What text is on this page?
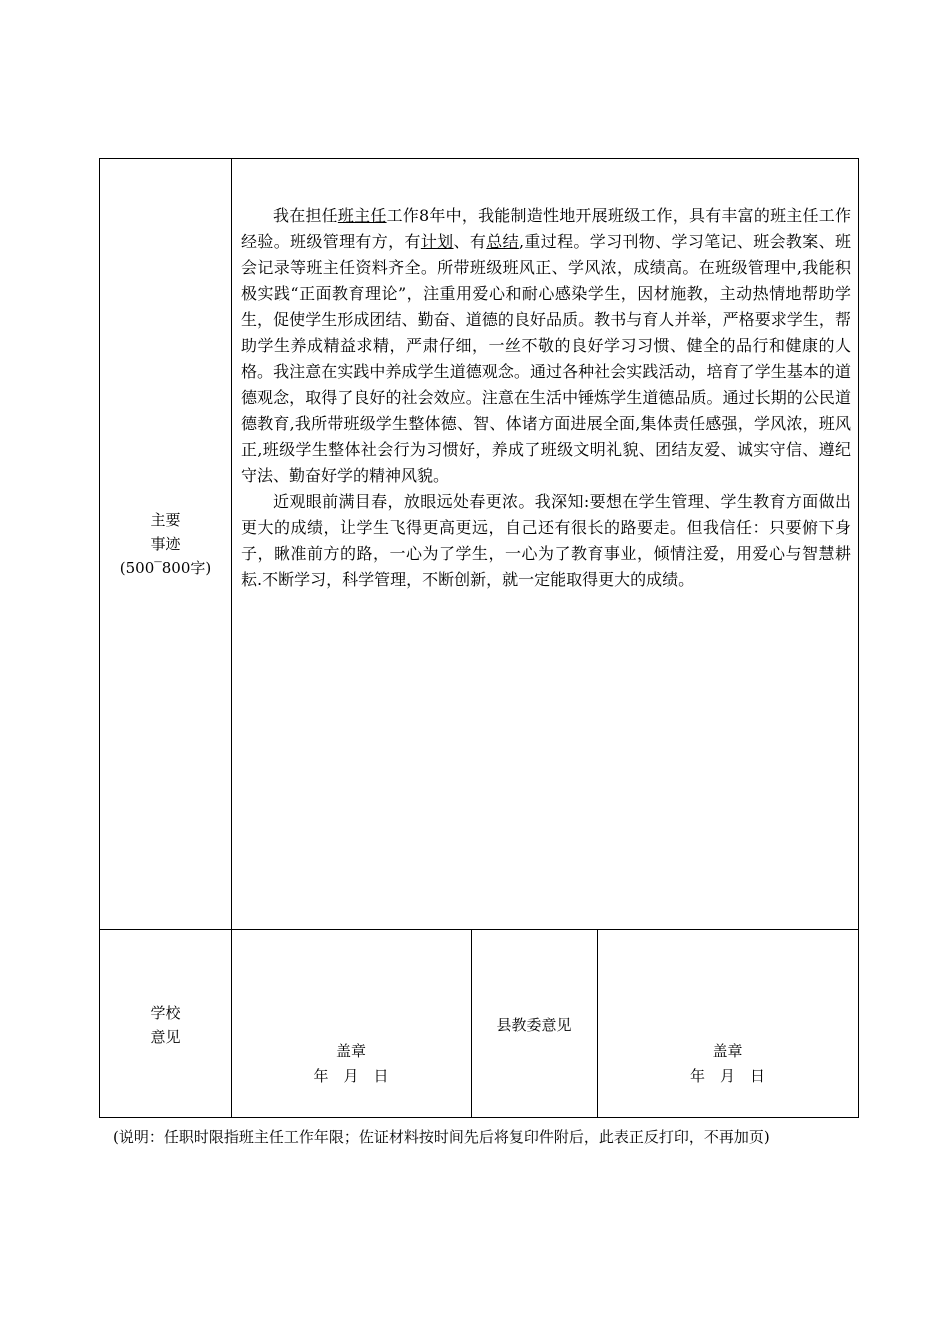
主要
事迹
(500‾800字)

我在担任班主任工作8年中，我能制造性地开展班级工作，具有丰富的班主任工作经验。班级管理有方，有计划、有总结,重过程。学习刊物、学习笔记、班会教案、班会记录等班主任资料齐全。所带班级班风正、学风浓，成绩高。在班级管理中,我能积极实践“正面教育理论”，注重用爱心和耐心感染学生，因材施教，主动热情地帮助学生，促使学生形成团结、勤奋、道德的良好品质。教书与育人并举，严格要求学生，帮助学生养成精益求精，严肃仔细，一丝不敬的良好学习习惯、健全的品行和健康的人格。我注意在实践中养成学生道德观念。通过各种社会实践活动，培育了学生基本的道德观念，取得了良好的社会效应。注意在生活中锤炼学生道德品质。通过长期的公民道德教育,我所带班级学生整体德、智、体诸方面进展全面,集体责任感强，学风浓，班风正,班级学生整体社会行为习惯好，养成了班级文明礼貌、团结友爱、诚实守信、遵纪守法、勤奋好学的精神风貌。

近观眼前满目春，放眼远处春更浓。我深知:要想在学生管理、学生教育方面做出更大的成绩，让学生飞得更高更远，自己还有很长的路要走。但我信任：只要俯下身子，瞅准前方的路，一心为了学生，一心为了教育事业，倾情注爱，用爱心与智慧耕耘.不断学习，科学管理，不断创新，就一定能取得更大的成绩。

学校
意见
盖章
年　月　日
县教委意见
盖章
年　月　日
(说明：任职时限指班主任工作年限；佐证材料按时间先后将复印件附后，此表正反打印，不再加页)
